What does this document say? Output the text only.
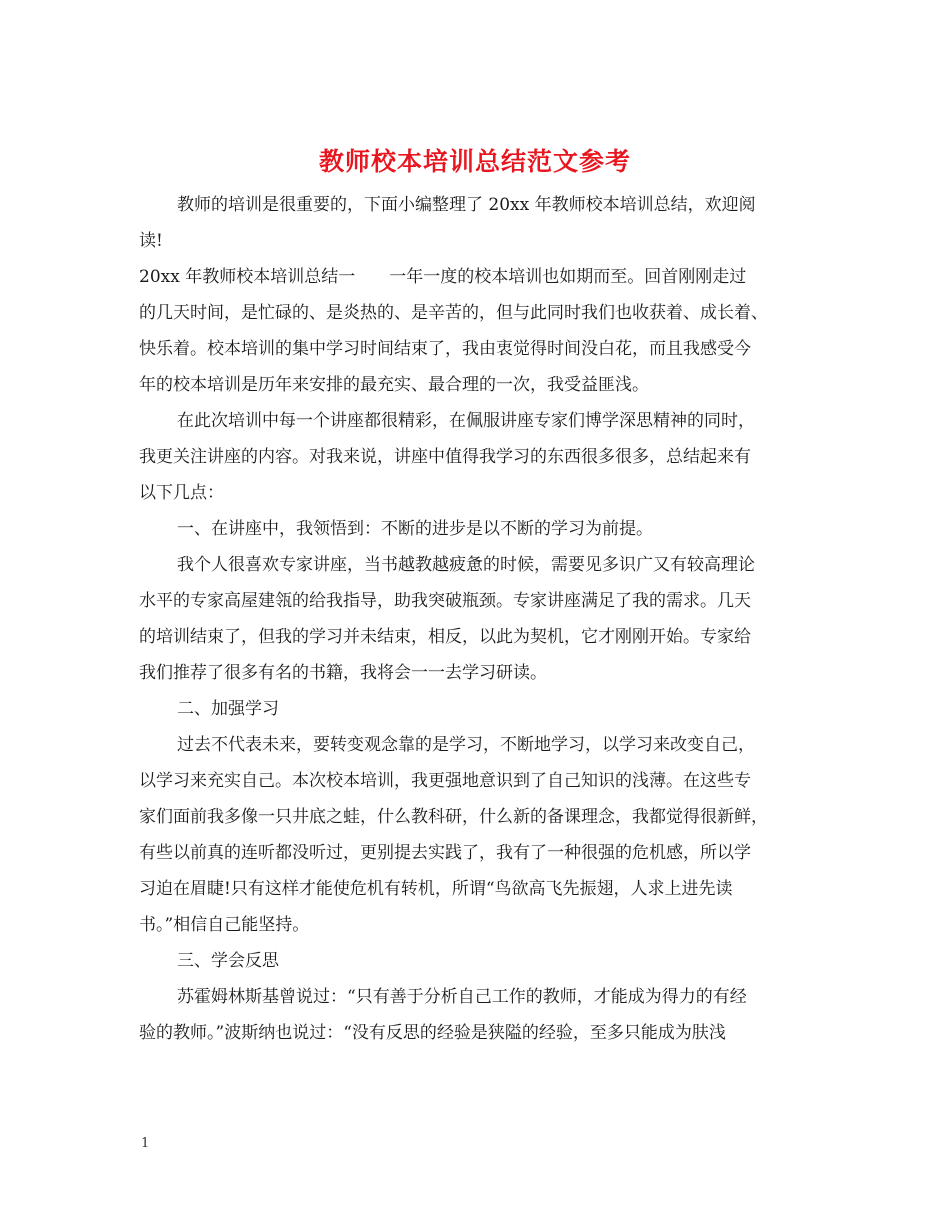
教师校本培训总结范文参考

教师的培训是很重要的，下面小编整理了 20xx 年教师校本培训总结，欢迎阅

读!

20xx 年教师校本培训总结一　　一年一度的校本培训也如期而至。回首刚刚走过

的几天时间，是忙碌的、是炎热的、是辛苦的，但与此同时我们也收获着、成长着、

快乐着。校本培训的集中学习时间结束了，我由衷觉得时间没白花，而且我感受今

年的校本培训是历年来安排的最充实、最合理的一次，我受益匪浅。

在此次培训中每一个讲座都很精彩，在佩服讲座专家们博学深思精神的同时，

我更关注讲座的内容。对我来说，讲座中值得我学习的东西很多很多，总结起来有

以下几点：

一、在讲座中，我领悟到：不断的进步是以不断的学习为前提。

我个人很喜欢专家讲座，当书越教越疲惫的时候，需要见多识广又有较高理论

水平的专家高屋建瓴的给我指导，助我突破瓶颈。专家讲座满足了我的需求。几天

的培训结束了，但我的学习并未结束，相反，以此为契机，它才刚刚开始。专家给

我们推荐了很多有名的书籍，我将会一一去学习研读。

二、加强学习

过去不代表未来，要转变观念靠的是学习，不断地学习，以学习来改变自己，

以学习来充实自己。本次校本培训，我更强地意识到了自己知识的浅薄。在这些专

家们面前我多像一只井底之蛙，什么教科研，什么新的备课理念，我都觉得很新鲜，

有些以前真的连听都没听过，更别提去实践了，我有了一种很强的危机感，所以学

习迫在眉睫!只有这样才能使危机有转机，所谓“鸟欲高飞先振翅，人求上进先读

书。”相信自己能坚持。

三、学会反思

苏霍姆林斯基曾说过：“只有善于分析自己工作的教师，才能成为得力的有经

验的教师。”波斯纳也说过：“没有反思的经验是狭隘的经验，至多只能成为肤浅

1
